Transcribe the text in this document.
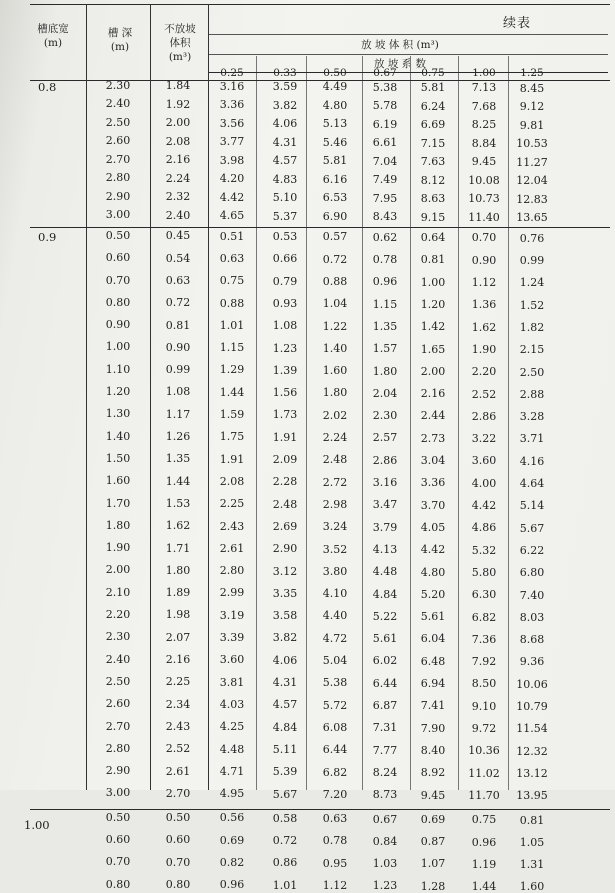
续表
槽底宽
(m)
槽 深
(m)
不放坡
体积
(m³)
放 坡 体 积 (m³)
放 坡 系 数
0.25	0.33	0.50	0.67	0.75	1.00	1.25
0.8	2.30	1.84	3.16	3.59	4.49	5.38	5.81	7.13	8.45
2.40	1.92	3.36	3.82	4.80	5.78	6.24	7.68	9.12
2.50	2.00	3.56	4.06	5.13	6.19	6.69	8.25	9.81
2.60	2.08	3.77	4.31	5.46	6.61	7.15	8.84	10.53
2.70	2.16	3.98	4.57	5.81	7.04	7.63	9.45	11.27
2.80	2.24	4.20	4.83	6.16	7.49	8.12	10.08	12.04
2.90	2.32	4.42	5.10	6.53	7.95	8.63	10.73	12.83
3.00	2.40	4.65	5.37	6.90	8.43	9.15	11.40	13.65
0.9	0.50	0.45	0.51	0.53	0.57	0.62	0.64	0.70	0.76
0.60	0.54	0.63	0.66	0.72	0.78	0.81	0.90	0.99
0.70	0.63	0.75	0.79	0.88	0.96	1.00	1.12	1.24
0.80	0.72	0.88	0.93	1.04	1.15	1.20	1.36	1.52
0.90	0.81	1.01	1.08	1.22	1.35	1.42	1.62	1.82
1.00	0.90	1.15	1.23	1.40	1.57	1.65	1.90	2.15
1.10	0.99	1.29	1.39	1.60	1.80	2.00	2.20	2.50
1.20	1.08	1.44	1.56	1.80	2.04	2.16	2.52	2.88
1.30	1.17	1.59	1.73	2.02	2.30	2.44	2.86	3.28
1.40	1.26	1.75	1.91	2.24	2.57	2.73	3.22	3.71
1.50	1.35	1.91	2.09	2.48	2.86	3.04	3.60	4.16
1.60	1.44	2.08	2.28	2.72	3.16	3.36	4.00	4.64
1.70	1.53	2.25	2.48	2.98	3.47	3.70	4.42	5.14
1.80	1.62	2.43	2.69	3.24	3.79	4.05	4.86	5.67
1.90	1.71	2.61	2.90	3.52	4.13	4.42	5.32	6.22
2.00	1.80	2.80	3.12	3.80	4.48	4.80	5.80	6.80
2.10	1.89	2.99	3.35	4.10	4.84	5.20	6.30	7.40
2.20	1.98	3.19	3.58	4.40	5.22	5.61	6.82	8.03
2.30	2.07	3.39	3.82	4.72	5.61	6.04	7.36	8.68
2.40	2.16	3.60	4.06	5.04	6.02	6.48	7.92	9.36
2.50	2.25	3.81	4.31	5.38	6.44	6.94	8.50	10.06
2.60	2.34	4.03	4.57	5.72	6.87	7.41	9.10	10.79
2.70	2.43	4.25	4.84	6.08	7.31	7.90	9.72	11.54
2.80	2.52	4.48	5.11	6.44	7.77	8.40	10.36	12.32
2.90	2.61	4.71	5.39	6.82	8.24	8.92	11.02	13.12
3.00	2.70	4.95	5.67	7.20	8.73	9.45	11.70	13.95
1.00
0.50	0.50	0.56	0.58	0.63	0.67	0.69	0.75	0.81
0.60	0.60	0.69	0.72	0.78	0.84	0.87	0.96	1.05
0.70	0.70	0.82	0.86	0.95	1.03	1.07	1.19	1.31
0.80	0.80	0.96	1.01	1.12	1.23	1.28	1.44	1.60
